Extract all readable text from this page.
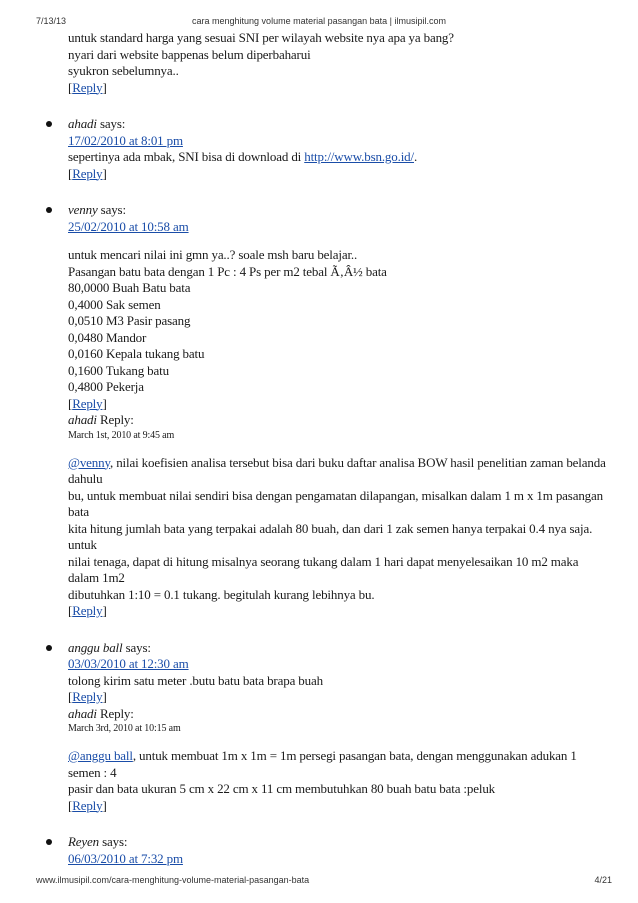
7/13/13	cara menghitung volume material pasangan bata | ilmusipil.com

untuk standard harga yang sesuai SNI per wilayah website nya apa ya bang?

nyari dari website bappenas belum diperbaharui

syukron sebelumnya..

[Reply]

ahadi says:

17/02/2010 at 8:01 pm

sepertinya ada mbak, SNI bisa di download di http://www.bsn.go.id/.

[Reply]

venny says:

25/02/2010 at 10:58 am

untuk mencari nilai ini gmn ya..? soale msh baru belajar..

Pasangan batu bata dengan 1 Pc : 4 Ps per m2 tebal Ã‚Â½ bata

80,0000 Buah Batu bata

0,4000 Sak semen

0,0510 M3 Pasir pasang

0,0480 Mandor

0,0160 Kepala tukang batu

0,1600 Tukang batu

0,4800 Pekerja

[Reply]

ahadi Reply:

March 1st, 2010 at 9:45 am

@venny, nilai koefisien analisa tersebut bisa dari buku daftar analisa BOW hasil penelitian zaman belanda dahulu

bu, untuk membuat nilai sendiri bisa dengan pengamatan dilapangan, misalkan dalam 1 m x 1m pasangan bata

kita hitung jumlah bata yang terpakai adalah 80 buah, dan dari 1 zak semen hanya terpakai 0.4 nya saja. untuk

nilai tenaga, dapat di hitung misalnya seorang tukang dalam 1 hari dapat menyelesaikan 10 m2 maka dalam 1m2

dibutuhkan 1:10 = 0.1 tukang. begitulah kurang lebihnya bu.

[Reply]

anggu ball says:

03/03/2010 at 12:30 am

tolong kirim satu meter .butu batu bata brapa buah

[Reply]

ahadi Reply:

March 3rd, 2010 at 10:15 am

@anggu ball, untuk membuat 1m x 1m = 1m persegi pasangan bata, dengan menggunakan adukan 1 semen : 4

pasir dan bata ukuran 5 cm x 22 cm x 11 cm membutuhkan 80 buah batu bata :peluk

[Reply]

Reyen says:

06/03/2010 at 7:32 pm

www.ilmusipil.com/cara-menghitung-volume-material-pasangan-bata	4/21
